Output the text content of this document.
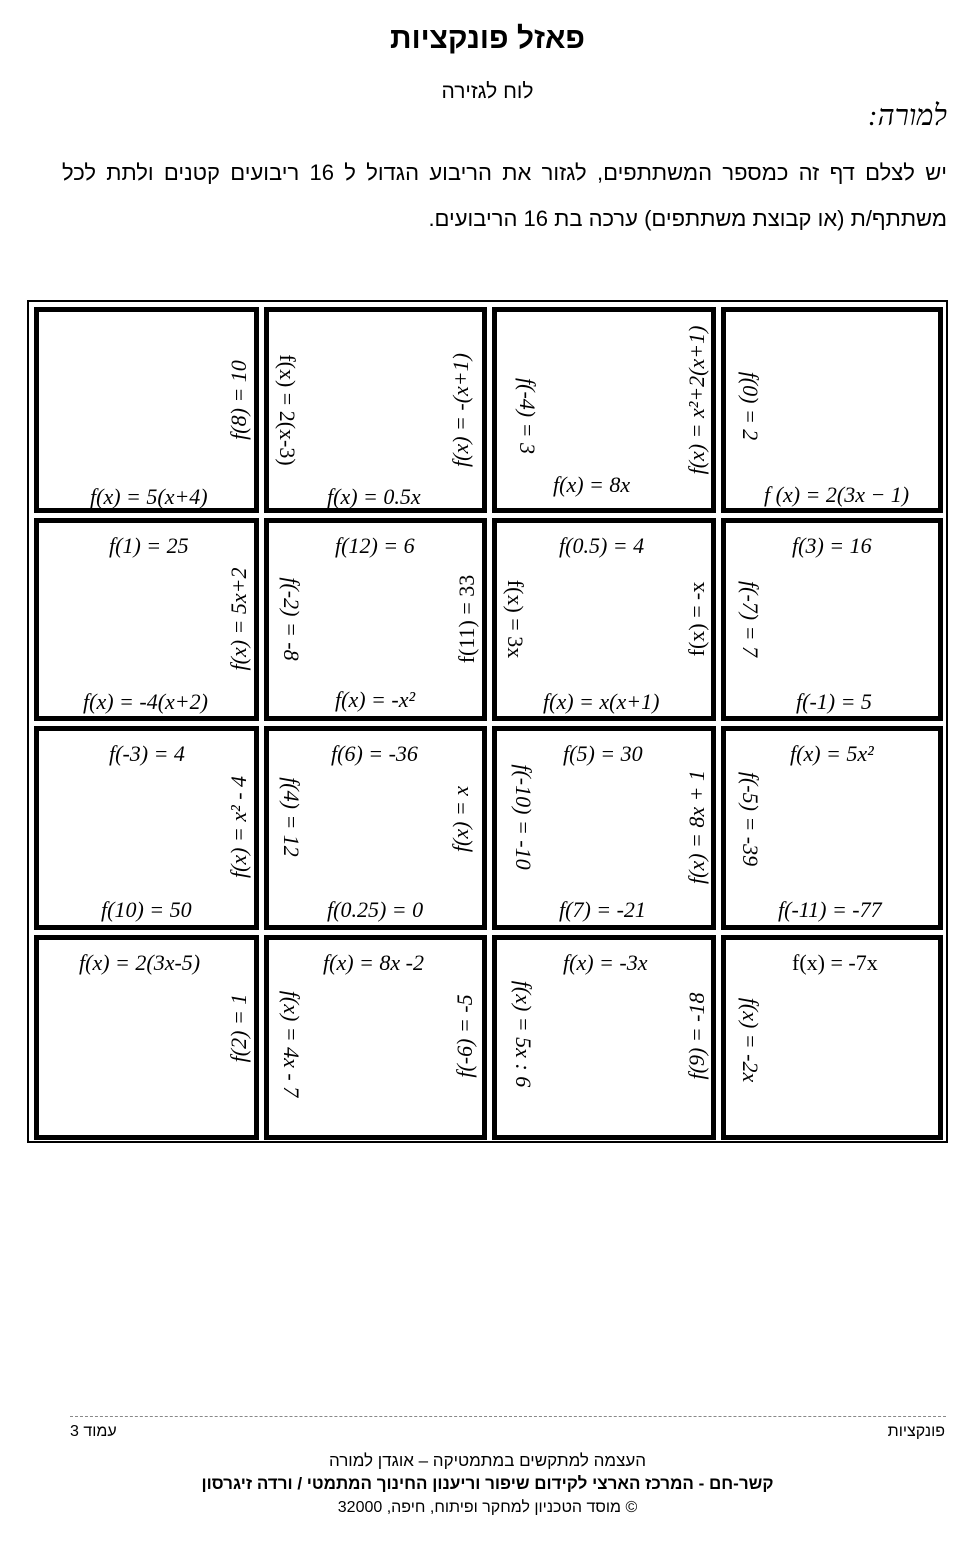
פאזל פונקציות
לוח לגזירה
למורה:
יש לצלם דף זה כמספר המשתתפים, לגזור את הריבוע הגדול ל 16 ריבועים קטנים ולתת לכל משתתף/ת (או קבוצת משתתפים) ערכה בת 16 הריבועים.
f(x) = 5(x+4)
f(8) = 10
f(x) = 0.5x
f(x) = 2(x-3)	f(x) = -(x+1)
f(x) = 8x
f(-4) = 3	f(x) = x²+2(x+1)
f (x) = 2(3x − 1)
f(0) = 2
f(1) = 25
f(x) = -4(x+2)
f(x) = 5x+2
f(12) = 6
f(x) = -x²
f(-2) = -8	f(11) = 33
f(0.5) = 4
f(x) = x(x+1)
f(x) = 3x	f(x) = -x
f(3) = 16
f(-1) = 5
f(-7) = 7
f(-3) = 4
f(10) = 50
f(x) = x² - 4
f(6) = -36
f(0.25) = 0
f(4) = 12	f(x) = x
f(5) = 30
f(7) = -21
f(-10) = -10	f(x) = 8x + 1
f(x) = 5x²
f(-11) = -77
f(-5) = -39
f(x) = 2(3x-5)
f(2) = 1
f(x) = 8x -2
f(x) = 4x - 7	f(-6) = -5
f(x) = -3x
f(x) = 5x : 6	f(9) = -18
f(x) = -7x
f(x) = -2x
עמוד 3	פונקציות
העצמה למתקשים במתמטיקה – אוגדן למורה
קשר-חם - המרכז הארצי לקידום שיפור וריענון החינוך המתמטי / ורדה זיגרסון
© מוסד הטכניון למחקר ופיתוח, חיפה, 32000
